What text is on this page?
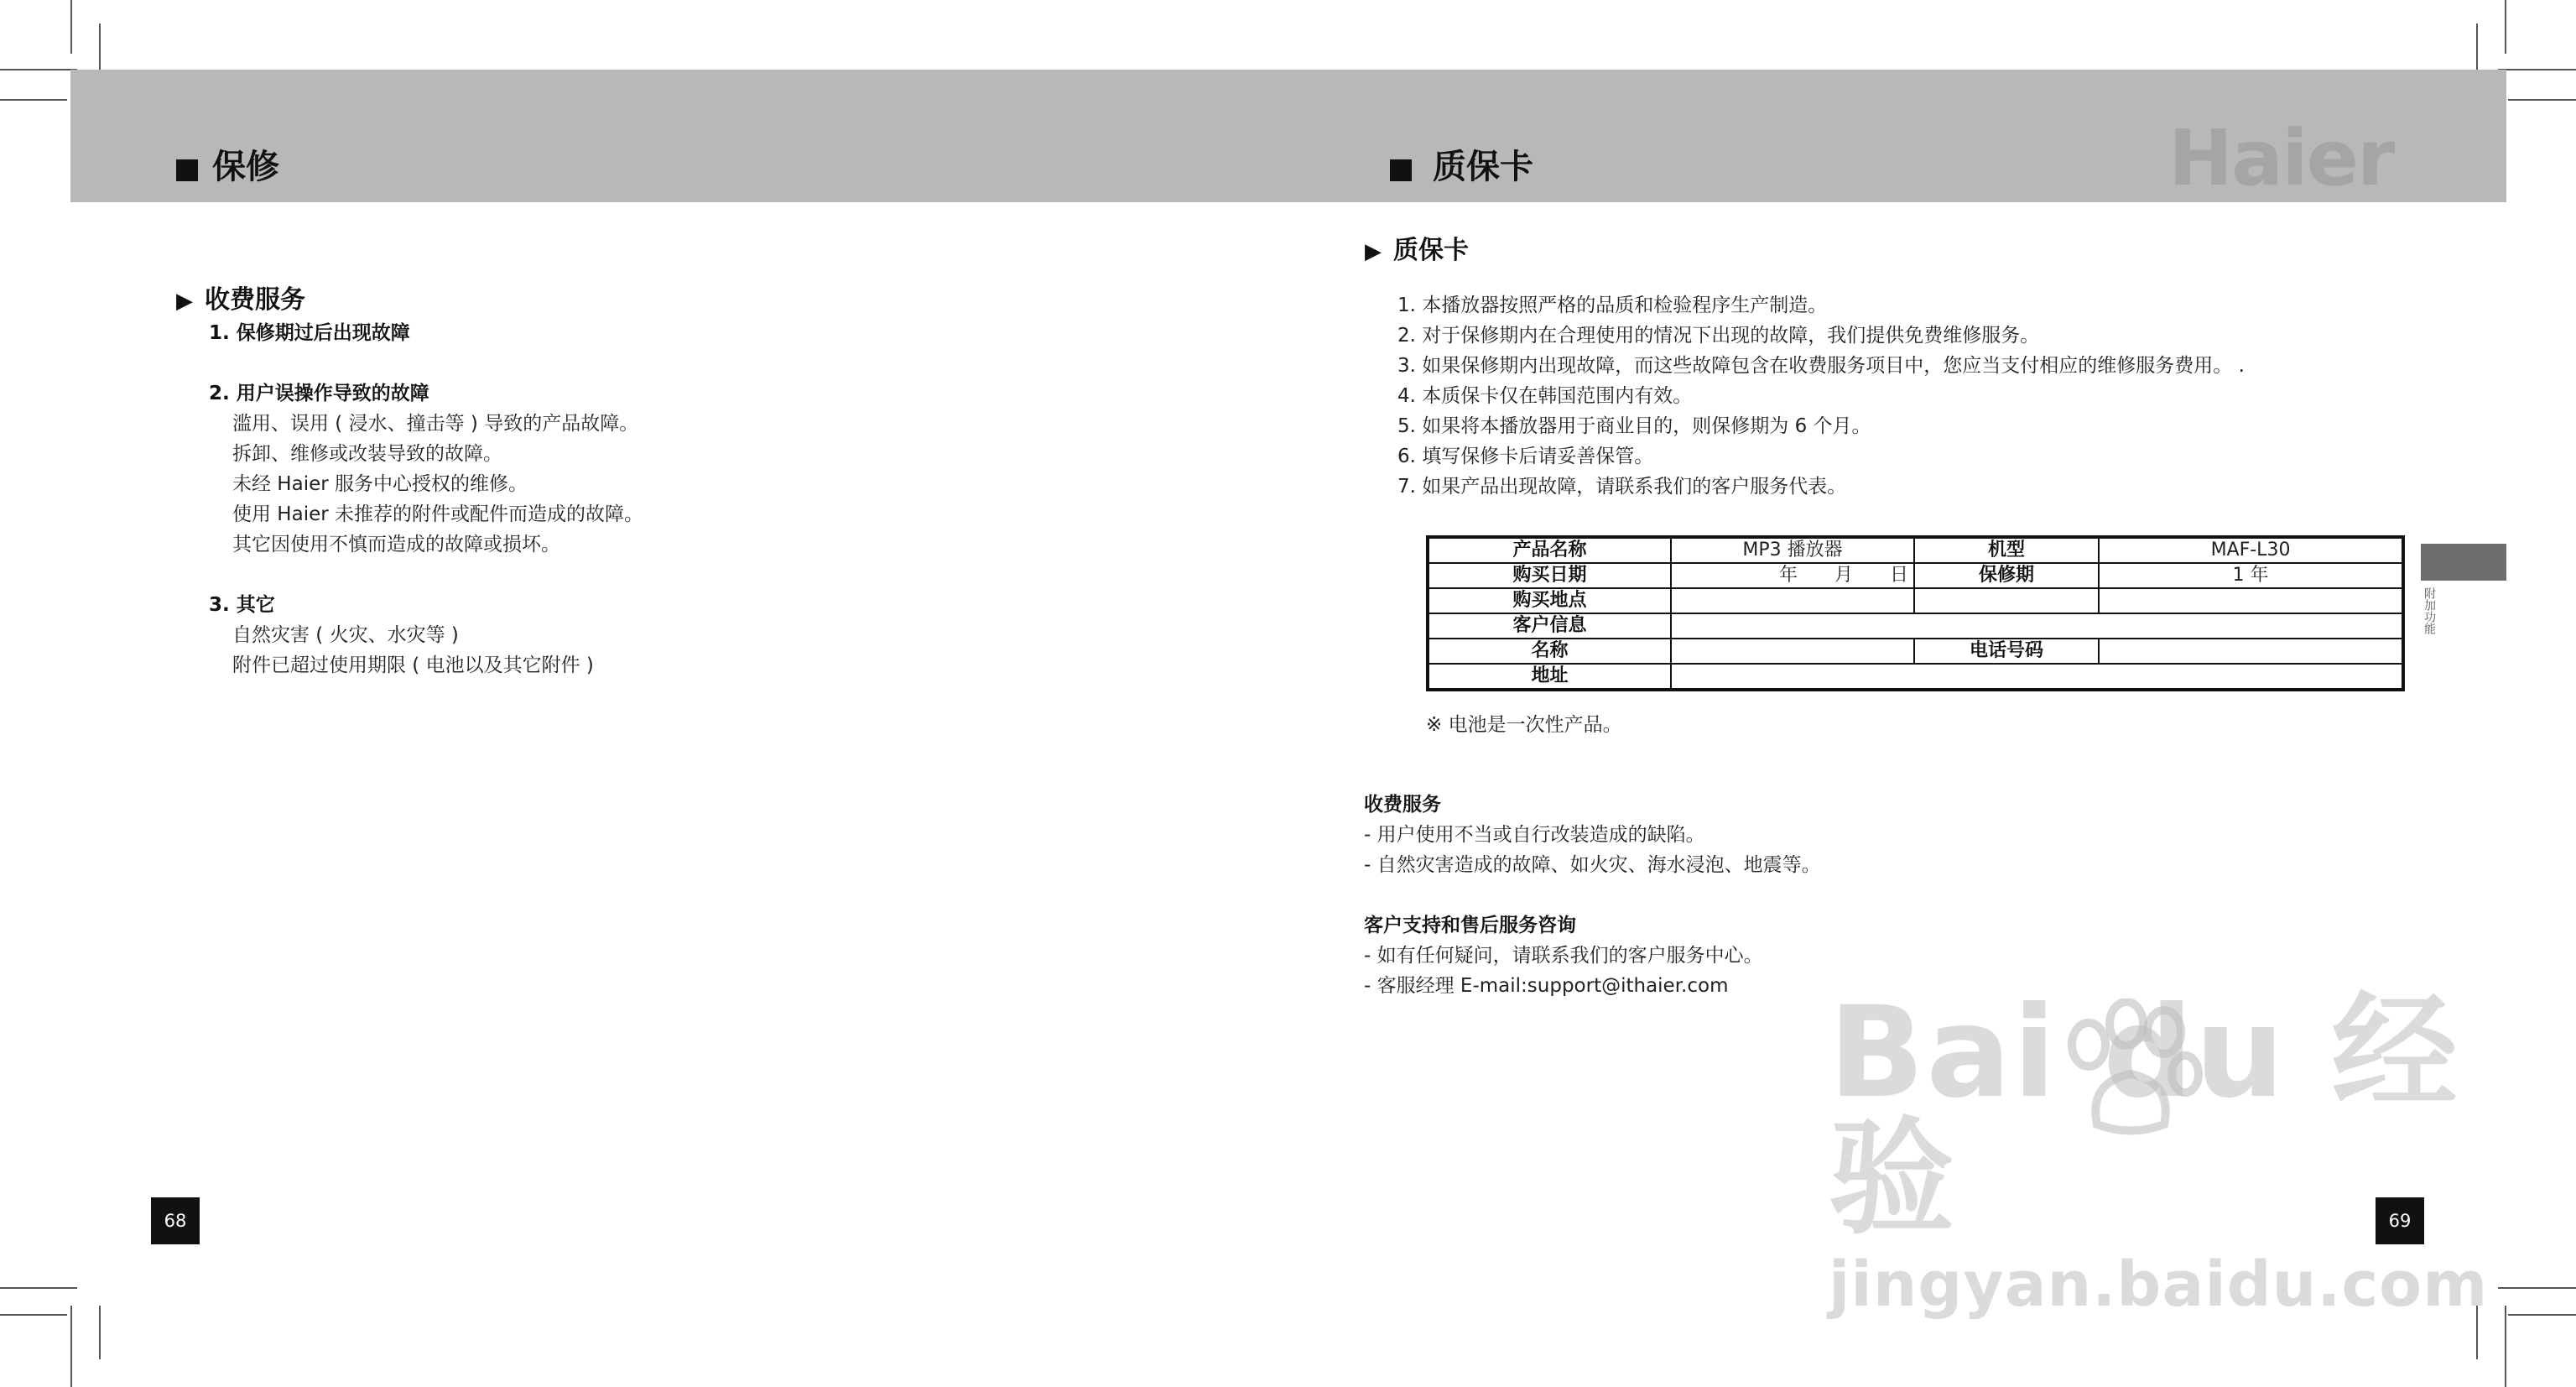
保修	质保卡	Haier
▶ 收费服务
1. 保修期过后出现故障
2. 用户误操作导致的故障
滥用、误用 ( 浸水、撞击等 ) 导致的产品故障。
拆卸、维修或改装导致的故障。
未经 Haier 服务中心授权的维修。
使用 Haier 未推荐的附件或配件而造成的故障。
其它因使用不慎而造成的故障或损坏。
3. 其它
自然灾害 ( 火灾、水灾等 )
附件已超过使用期限 ( 电池以及其它附件 )
68
▶ 质保卡
1. 本播放器按照严格的品质和检验程序生产制造。
2. 对于保修期内在合理使用的情况下出现的故障，我们提供免费维修服务。
3. 如果保修期内出现故障，而这些故障包含在收费服务项目中，您应当支付相应的维修服务费用。 .
4. 本质保卡仅在韩国范围内有效。
5. 如果将本播放器用于商业目的，则保修期为 6 个月。
6. 填写保修卡后请妥善保管。
7. 如果产品出现故障，请联系我们的客户服务代表。
产品名称	MP3 播放器	机型	MAF-L30
购买日期	年　　月　　日	保修期	1 年
购买地点			
客户信息			
名称		电话号码	
地址			
※ 电池是一次性产品。
收费服务
- 用户使用不当或自行改装造成的缺陷。
- 自然灾害造成的故障、如火灾、海水浸泡、地震等。
客户支持和售后服务咨询
- 如有任何疑问，请联系我们的客户服务中心。
- 客服经理 E-mail:support@ithaier.com
附加功能
69
Bai du 经验
jingyan.baidu.com
